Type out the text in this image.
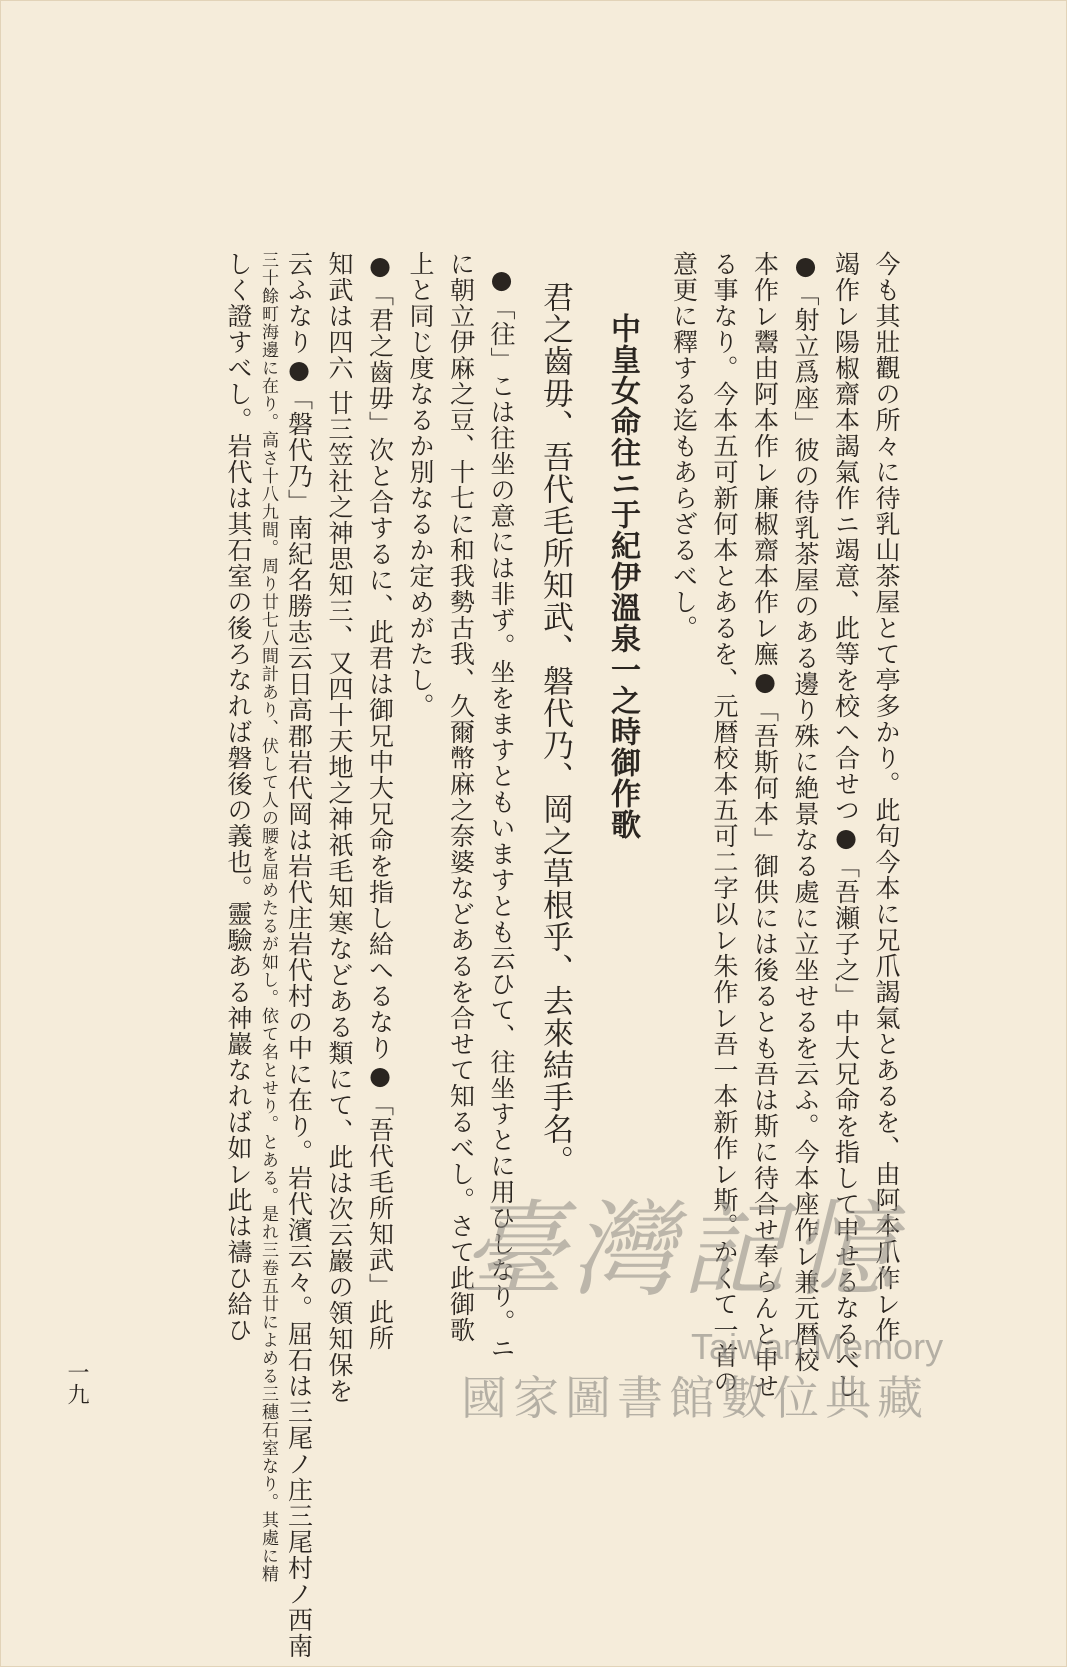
今も其壯觀の所々に待乳山茶屋とて亭多かり。此句今本に兄爪謁氣とあるを、由阿本爪作レ作
竭作レ陽椒齋本謁氣作ニ竭意、此等を校へ合せつ●「吾瀬子之」中大兄命を指して申せるなるべし
●「射立爲座」彼の待乳茶屋のある邊り殊に絶景なる處に立坐せるを云ふ。今本座作レ兼元暦校
本作レ鬻由阿本作レ廉椒齋本作レ廡●「吾斯何本」御供には後るとも吾は斯に待合せ奉らんと申せ
る事なり。今本五可新何本とあるを、元暦校本五可二字以レ朱作レ吾一本新作レ斯。かくて一首の
意更に釋する迄もあらざるべし。
中皇女命往ニ于紀伊溫泉一之時御作歌
君之齒毋、吾代毛所知武、磐代乃、岡之草根乎、去來結手名。
●「往」こは往坐の意には非ず。坐をますともいますとも云ひて、往坐すとに用ひしなり。ニ
に朝立伊麻之豆、十七に和我勢古我、久爾幣麻之奈婆などあるを合せて知るべし。さて此御歌
上と同じ度なるか別なるか定めがたし。
●「君之齒毋」次と合するに、此君は御兄中大兄命を指し給へるなり●「吾代毛所知武」此所
知武は四六 廿三笠社之神思知三、又四十天地之神祇毛知寒などある類にて、此は次云巖の領知保を
云ふなり●「磐代乃」南紀名勝志云日高郡岩代岡は岩代庄岩代村の中に在り。岩代濱云々。屈石は三尾ノ庄三尾村ノ西南
三十餘町海邊に在り。高さ十八九間。周り廿七八間計あり、伏して人の腰を屈めたるが如し。依て名とせり。とある。是れ三卷五廿によめる三穗石室なり。其處に精
しく證すべし。岩代は其石室の後ろなれば磐後の義也。靈驗ある神巖なれば如レ此は禱ひ給ひ
一九
臺灣記憶
Taiwan Memory
國家圖書館數位典藏
